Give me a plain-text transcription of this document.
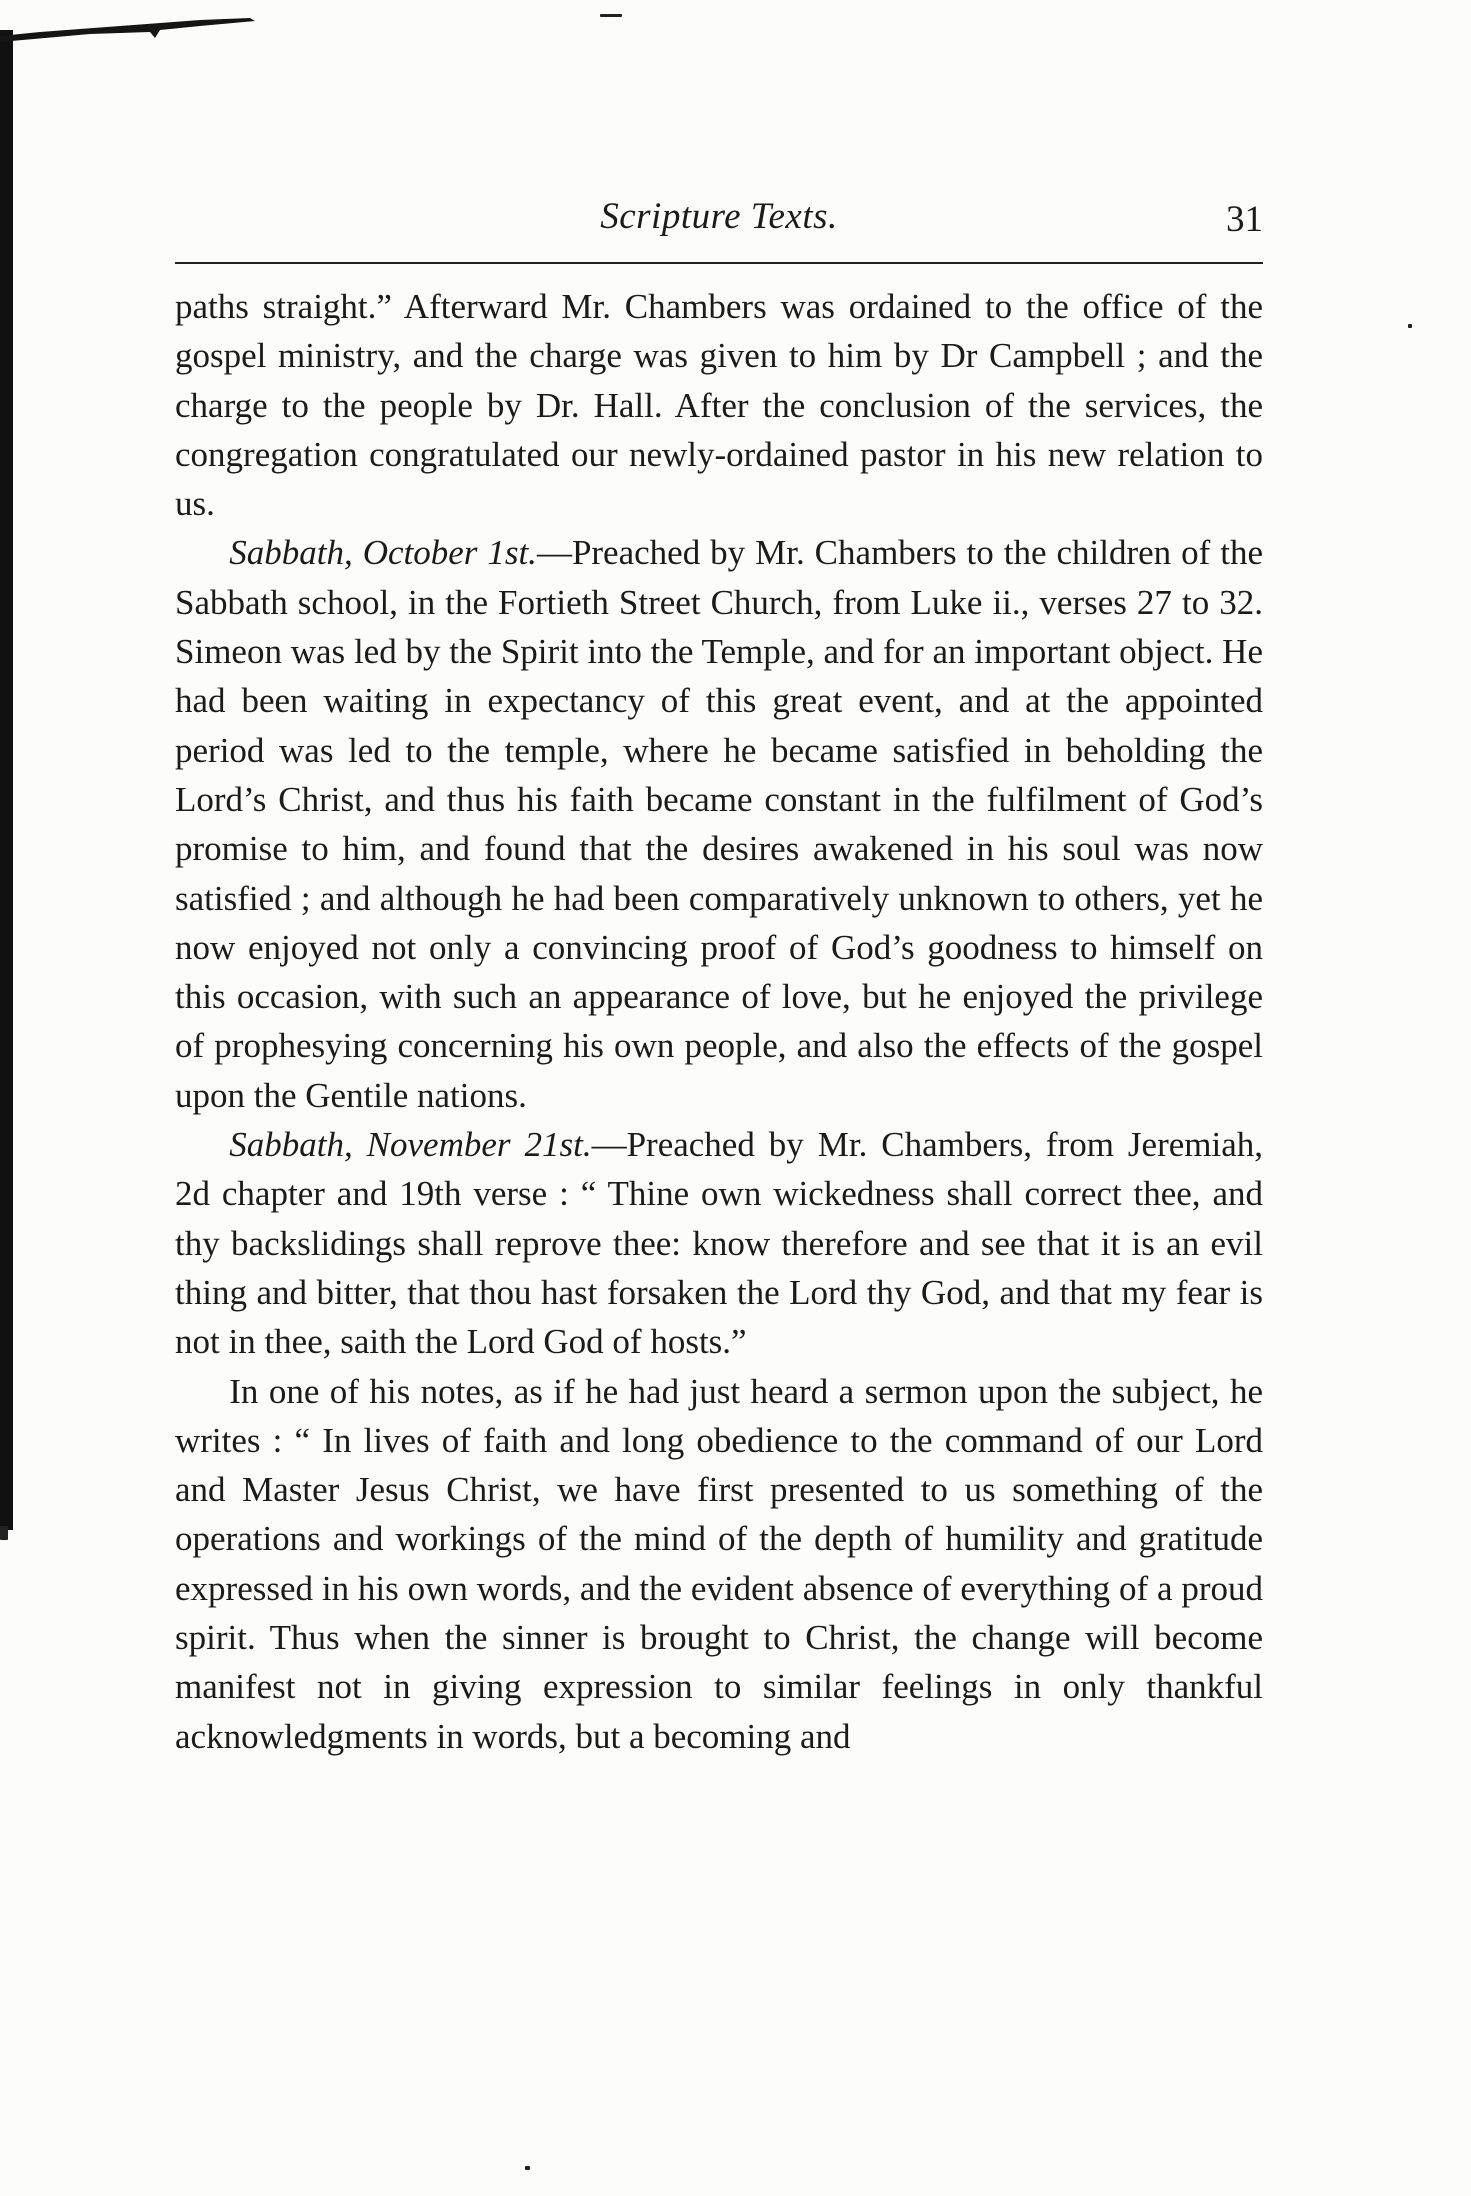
Scripture Texts.	31

paths straight.” Afterward Mr. Chambers was ordained to the office of the gospel ministry, and the charge was given to him by Dr Campbell ; and the charge to the people by Dr. Hall. After the conclusion of the services, the congregation congratulated our newly-ordained pastor in his new relation to us.

Sabbath, October 1st.—Preached by Mr. Chambers to the children of the Sabbath school, in the Fortieth Street Church, from Luke ii., verses 27 to 32. Simeon was led by the Spirit into the Temple, and for an important object. He had been waiting in expectancy of this great event, and at the appointed period was led to the temple, where he became satisfied in beholding the Lord’s Christ, and thus his faith became constant in the fulfilment of God’s promise to him, and found that the desires awakened in his soul was now satisfied ; and although he had been comparatively unknown to others, yet he now enjoyed not only a convincing proof of God’s goodness to himself on this occasion, with such an appearance of love, but he enjoyed the privilege of prophesying concerning his own people, and also the effects of the gospel upon the Gentile nations.

Sabbath, November 21st.—Preached by Mr. Chambers, from Jeremiah, 2d chapter and 19th verse : “ Thine own wickedness shall correct thee, and thy backslidings shall reprove thee: know therefore and see that it is an evil thing and bitter, that thou hast forsaken the Lord thy God, and that my fear is not in thee, saith the Lord God of hosts.”

In one of his notes, as if he had just heard a sermon upon the subject, he writes : “ In lives of faith and long obedience to the command of our Lord and Master Jesus Christ, we have first presented to us something of the operations and workings of the mind of the depth of humility and gratitude expressed in his own words, and the evident absence of everything of a proud spirit. Thus when the sinner is brought to Christ, the change will become manifest not in giving expression to similar feelings in only thankful acknowledgments in words, but a becoming and
